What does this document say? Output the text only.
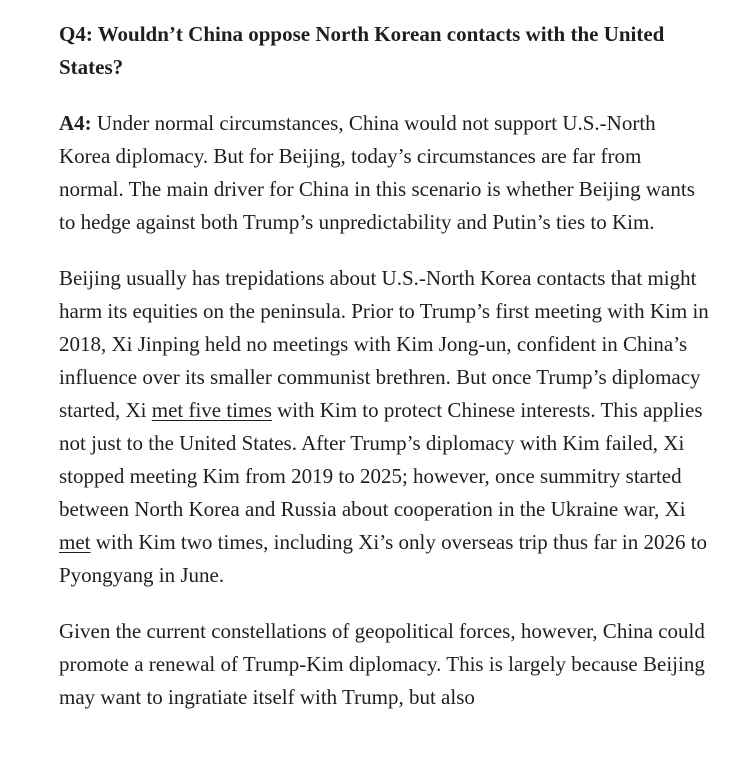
Q4: Wouldn’t China oppose North Korean contacts with the United States?

A4: Under normal circumstances, China would not support U.S.-North Korea diplomacy. But for Beijing, today’s circumstances are far from normal. The main driver for China in this scenario is whether Beijing wants to hedge against both Trump’s unpredictability and Putin’s ties to Kim.

Beijing usually has trepidations about U.S.-North Korea contacts that might harm its equities on the peninsula. Prior to Trump’s first meeting with Kim in 2018, Xi Jinping held no meetings with Kim Jong-un, confident in China’s influence over its smaller communist brethren. But once Trump’s diplomacy started, Xi met five times with Kim to protect Chinese interests. This applies not just to the United States. After Trump’s diplomacy with Kim failed, Xi stopped meeting Kim from 2019 to 2025; however, once summitry started between North Korea and Russia about cooperation in the Ukraine war, Xi met with Kim two times, including Xi’s only overseas trip thus far in 2026 to Pyongyang in June.

Given the current constellations of geopolitical forces, however, China could promote a renewal of Trump-Kim diplomacy. This is largely because Beijing may want to ingratiate itself with Trump, but also
